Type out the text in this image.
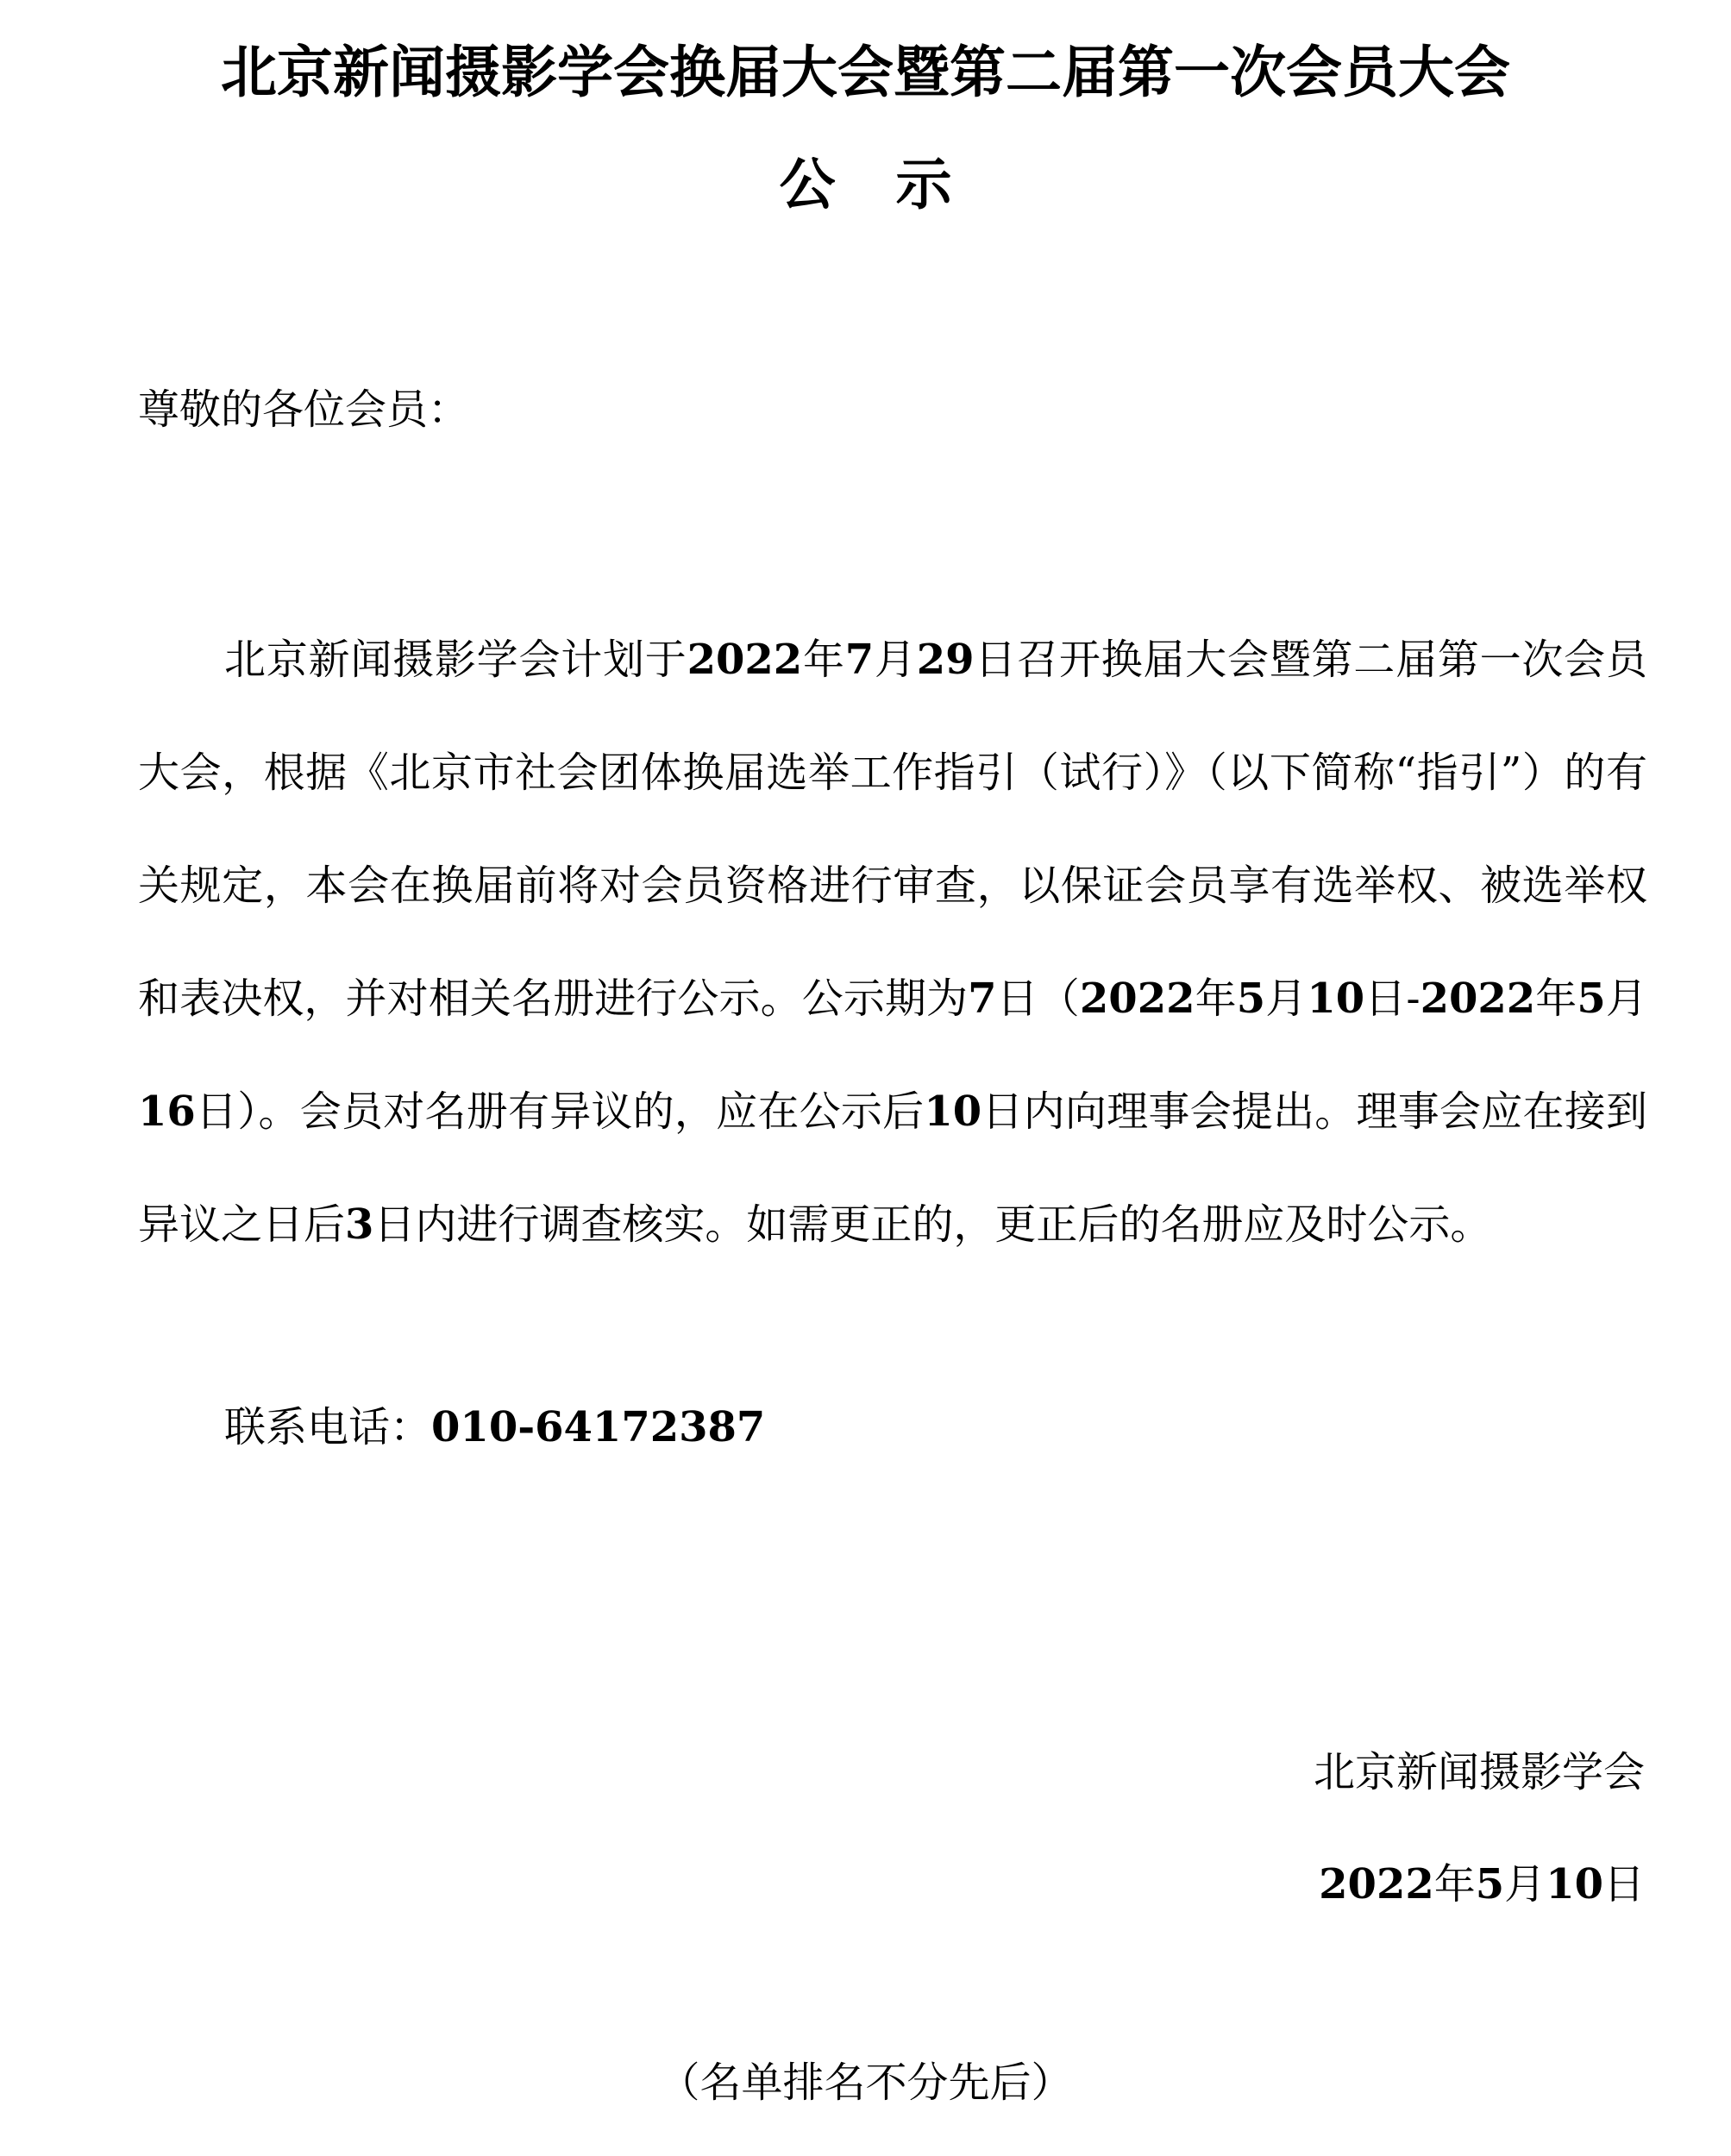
北京新闻摄影学会换届大会暨第二届第一次会员大会
公示
尊敬的各位会员：

北京新闻摄影学会计划于2022年7月29日召开换届大会暨第二届第一次会员大会，根据《北京市社会团体换届选举工作指引（试行）》（以下简称“指引”）的有关规定，本会在换届前将对会员资格进行审查，以保证会员享有选举权、被选举权和表决权，并对相关名册进行公示。公示期为7日（2022年5月10日-2022年5月16日）。会员对名册有异议的，应在公示后10日内向理事会提出。理事会应在接到异议之日后3日内进行调查核实。如需更正的，更正后的名册应及时公示。

联系电话：010-64172387
北京新闻摄影学会
2022年5月10日
（名单排名不分先后）
